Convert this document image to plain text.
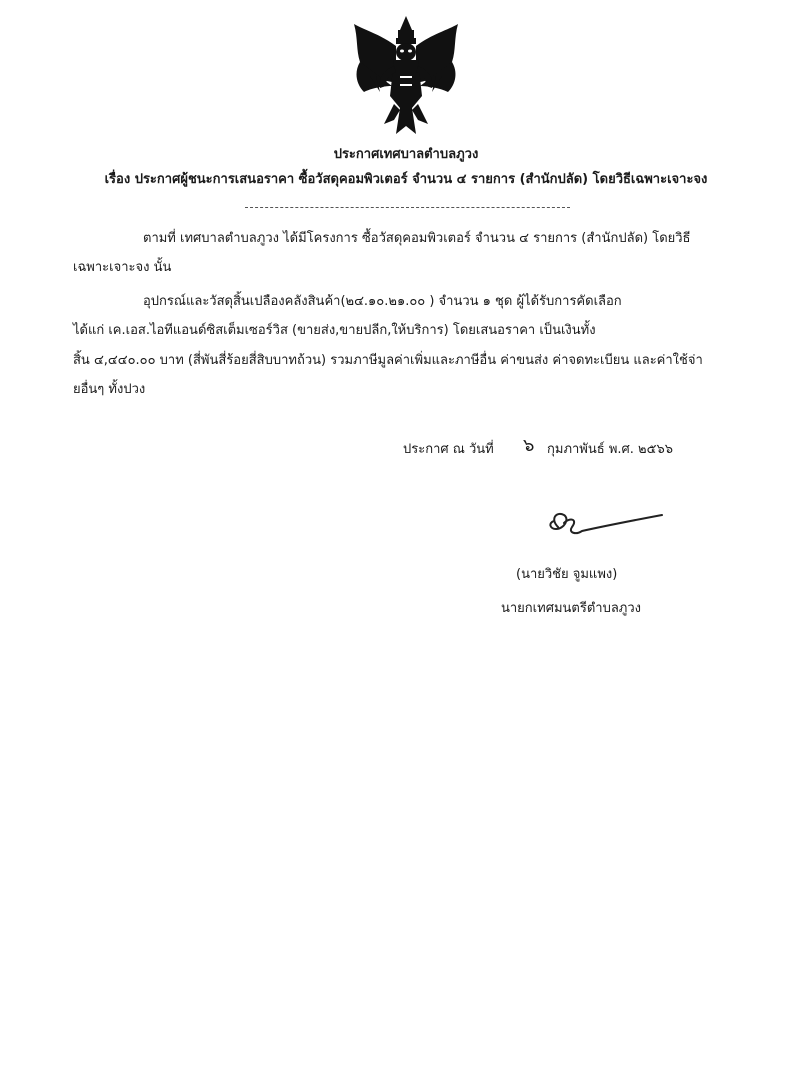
ประกาศเทศบาลตำบลภูวง
เรื่อง ประกาศผู้ชนะการเสนอราคา ซื้อวัสดุคอมพิวเตอร์ จำนวน ๔ รายการ (สำนักปลัด) โดยวิธีเฉพาะเจาะจง
ตามที่ เทศบาลตำบลภูวง ได้มีโครงการ ซื้อวัสดุคอมพิวเตอร์ จำนวน ๔ รายการ (สำนักปลัด) โดยวิธี
เฉพาะเจาะจง นั้น
อุปกรณ์และวัสดุสิ้นเปลืองคลังสินค้า(๒๔.๑๐.๒๑.๐๐ ) จำนวน ๑ ชุด ผู้ได้รับการคัดเลือก
ได้แก่ เค.เอส.ไอทีแอนด์ซิสเต็มเซอร์วิส (ขายส่ง,ขายปลีก,ให้บริการ) โดยเสนอราคา เป็นเงินทั้ง
สิ้น ๔,๔๔๐.๐๐ บาท (สี่พันสี่ร้อยสี่สิบบาทถ้วน) รวมภาษีมูลค่าเพิ่มและภาษีอื่น ค่าขนส่ง ค่าจดทะเบียน และค่าใช้จ่า
ยอื่นๆ ทั้งปวง
ประกาศ ณ วันที่ ๖ กุมภาพันธ์ พ.ศ. ๒๕๖๖
(นายวิชัย จูมแพง)
นายกเทศมนตรีตำบลภูวง
